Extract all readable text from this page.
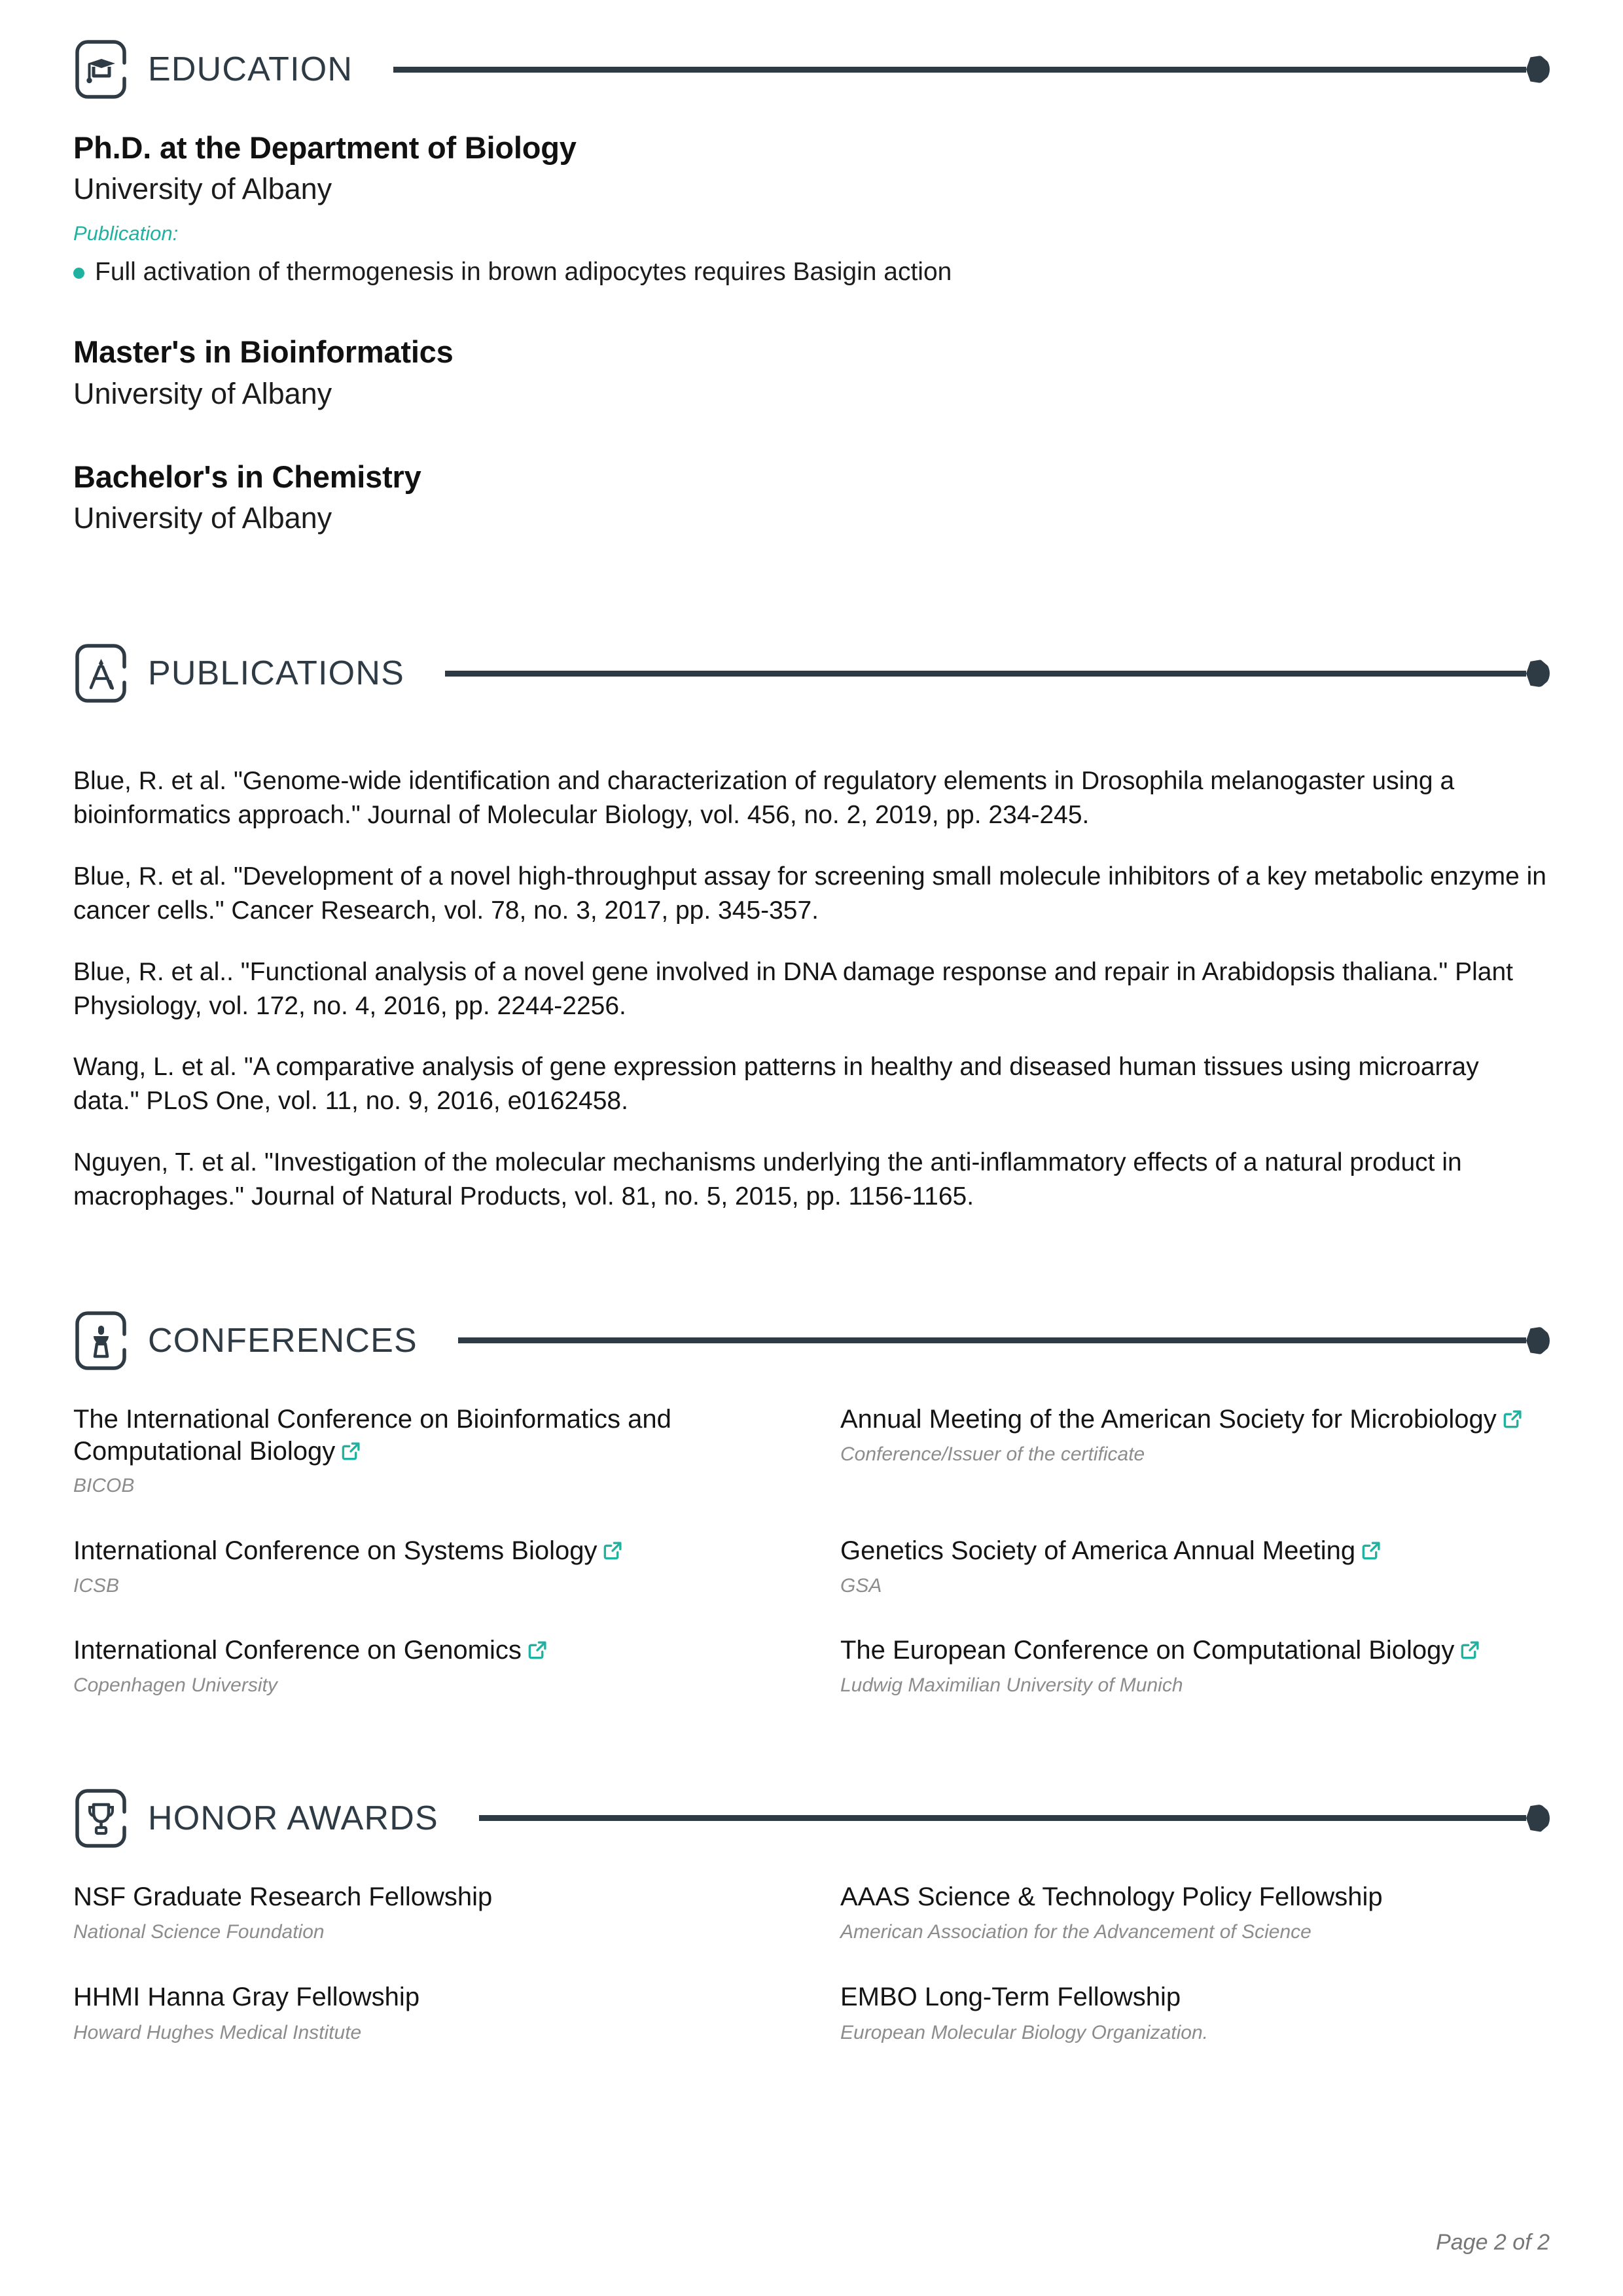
EDUCATION
Ph.D. at the Department of Biology
University of Albany
Publication:
Full activation of thermogenesis in brown adipocytes requires Basigin action
Master's in Bioinformatics
University of Albany
Bachelor's in Chemistry
University of Albany
PUBLICATIONS

Blue, R. et al. "Genome-wide identification and characterization of regulatory elements in Drosophila melanogaster using a bioinformatics approach." Journal of Molecular Biology, vol. 456, no. 2, 2019, pp. 234-245.

Blue, R. et al. "Development of a novel high-throughput assay for screening small molecule inhibitors of a key metabolic enzyme in cancer cells." Cancer Research, vol. 78, no. 3, 2017, pp. 345-357.

Blue, R. et al.. "Functional analysis of a novel gene involved in DNA damage response and repair in Arabidopsis thaliana." Plant Physiology, vol. 172, no. 4, 2016, pp. 2244-2256.

Wang, L. et al. "A comparative analysis of gene expression patterns in healthy and diseased human tissues using microarray data." PLoS One, vol. 11, no. 9, 2016, e0162458.

Nguyen, T. et al. "Investigation of the molecular mechanisms underlying the anti-inflammatory effects of a natural product in macrophages." Journal of Natural Products, vol. 81, no. 5, 2015, pp. 1156-1165.

CONFERENCES
The International Conference on Bioinformatics and Computational Biology
BICOB
Annual Meeting of the American Society for Microbiology
Conference/Issuer of the certificate
International Conference on Systems Biology
ICSB
Genetics Society of America Annual Meeting
GSA
International Conference on Genomics
Copenhagen University
The European Conference on Computational Biology
Ludwig Maximilian University of Munich
HONOR AWARDS
NSF Graduate Research Fellowship
National Science Foundation
AAAS Science & Technology Policy Fellowship
American Association for the Advancement of Science
HHMI Hanna Gray Fellowship
Howard Hughes Medical Institute
EMBO Long-Term Fellowship
European Molecular Biology Organization.
Page 2 of 2
